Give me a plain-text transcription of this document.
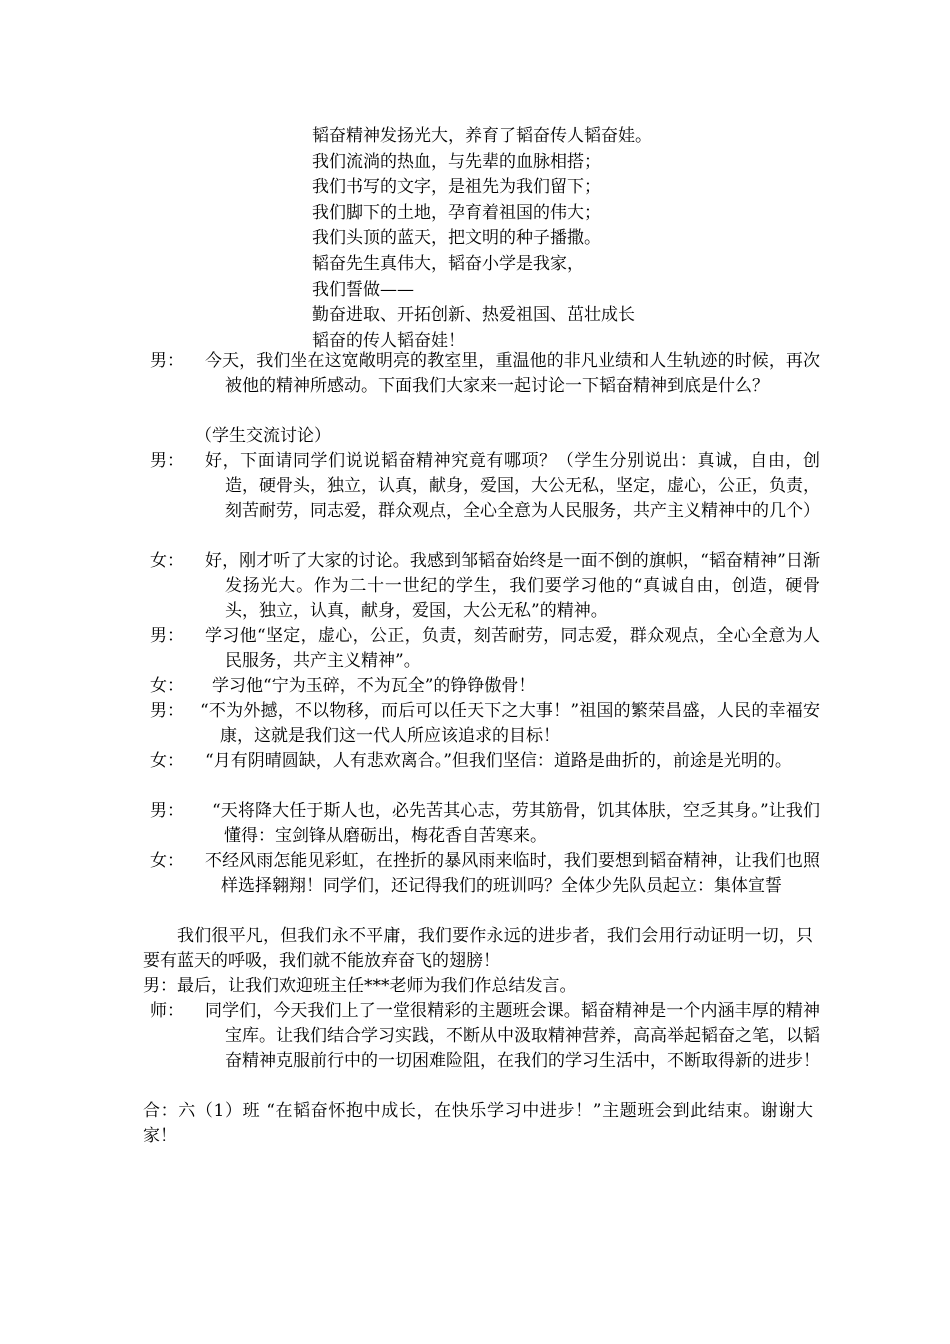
韬奋精神发扬光大，养育了韬奋传人韬奋娃。
我们流淌的热血，与先辈的血脉相搭；
我们书写的文字，是祖先为我们留下；
我们脚下的土地，孕育着祖国的伟大；
我们头顶的蓝天，把文明的种子播撒。
韬奋先生真伟大，韬奋小学是我家，
我们誓做——
勤奋进取、开拓创新、热爱祖国、茁壮成长
韬奋的传人韬奋娃！
男：	今天，我们坐在这宽敞明亮的教室里，重温他的非凡业绩和人生轨迹的时候，再次被他的精神所感动。下面我们大家来一起讨论一下韬奋精神到底是什么？
（学生交流讨论）
男：	好，下面请同学们说说韬奋精神究竟有哪项？（学生分别说出：真诚，自由，创造，硬骨头，独立，认真，献身，爱国，大公无私，坚定，虚心，公正，负责，刻苦耐劳，同志爱，群众观点，全心全意为人民服务，共产主义精神中的几个）
女：	好，刚才听了大家的讨论。我感到邹韬奋始终是一面不倒的旗帜，“韬奋精神”日渐发扬光大。作为二十一世纪的学生，我们要学习他的“真诚自由，创造，硬骨头，独立，认真，献身，爱国，大公无私”的精神。
男：	学习他“坚定，虚心，公正，负责，刻苦耐劳，同志爱，群众观点，全心全意为人民服务，共产主义精神”。
女：	学习他“宁为玉碎，不为瓦全”的铮铮傲骨！
男： “不为外撼，不以物移，而后可以任天下之大事！”祖国的繁荣昌盛，人民的幸福安康，这就是我们这一代人所应该追求的目标！
女：	“月有阴晴圆缺，人有悲欢离合。”但我们坚信：道路是曲折的，前途是光明的。
男：	“天将降大任于斯人也，必先苦其心志，劳其筋骨，饥其体肤，空乏其身。”让我们懂得：宝剑锋从磨砺出，梅花香自苦寒来。
女：	不经风雨怎能见彩虹，在挫折的暴风雨来临时，我们要想到韬奋精神，让我们也照样选择翱翔！同学们，还记得我们的班训吗？全体少先队员起立：集体宣誓
我们很平凡，但我们永不平庸，我们要作永远的进步者，我们会用行动证明一切，只要有蓝天的呼吸，我们就不能放弃奋飞的翅膀！
男：最后，让我们欢迎班主任***老师为我们作总结发言。
师：	同学们，今天我们上了一堂很精彩的主题班会课。韬奋精神是一个内涵丰厚的精神宝库。让我们结合学习实践，不断从中汲取精神营养，高高举起韬奋之笔，以韬奋精神克服前行中的一切困难险阻，在我们的学习生活中，不断取得新的进步！
合：六（1）班 “在韬奋怀抱中成长，在快乐学习中进步！”主题班会到此结束。谢谢大家！
